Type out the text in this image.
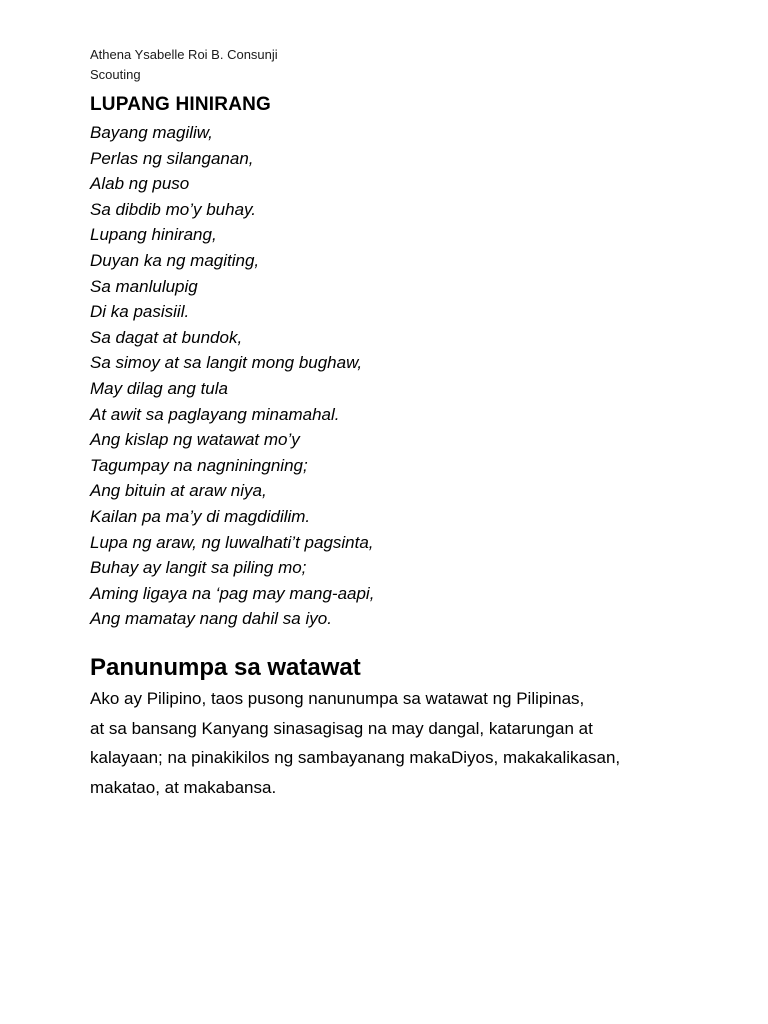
Athena Ysabelle Roi B. Consunji
Scouting
LUPANG HINIRANG
Bayang magiliw,
Perlas ng silanganan,
Alab ng puso
Sa dibdib mo’y buhay.
Lupang hinirang,
Duyan ka ng magiting,
Sa manlulupig
Di ka pasisiil.
Sa dagat at bundok,
Sa simoy at sa langit mong bughaw,
May dilag ang tula
At awit sa paglayang minamahal.
Ang kislap ng watawat mo’y
Tagumpay na nagniningning;
Ang bituin at araw niya,
Kailan pa ma’y di magdidilim.
Lupa ng araw, ng luwalhati’t pagsinta,
Buhay ay langit sa piling mo;
Aming ligaya na ‘pag may mang-aapi,
Ang mamatay nang dahil sa iyo.
Panunumpa sa watawat
Ako ay Pilipino, taos pusong nanunumpa sa watawat ng Pilipinas,
at sa bansang Kanyang sinasagisag na may dangal, katarungan at
kalayaan; na pinakikilos ng sambayanang makaDiyos, makakalikasan,
makatao, at makabansa.
